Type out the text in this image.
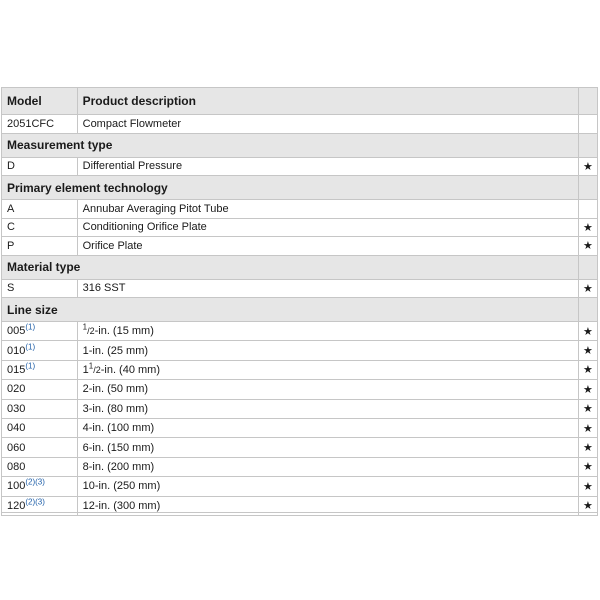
Model	Product description	
2051CFC	Compact Flowmeter	
Measurement type		
D	Differential Pressure	★
Primary element technology		
A	Annubar Averaging Pitot Tube	
C	Conditioning Orifice Plate	★
P	Orifice Plate	★
Material type		
S	316 SST	★
Line size		
005$^{(1)}$	$^1$/2-in. (15 mm)	★
010$^{(1)}$	1-in. (25 mm)	★
015$^{(1)}$	$1^1/2-in$. (40 mm)	★
020	2-in. (50 mm)	★
030	3-in. (80 mm)	★
040	4-in. (100 mm)	★
060	6-in. (150 mm)	★
080	8-in. (200 mm)	★
100$^{(2)(3)}$	10-in. (250 mm)	★
120$^{(2)(3)}$	12-in. (300 mm)	★
